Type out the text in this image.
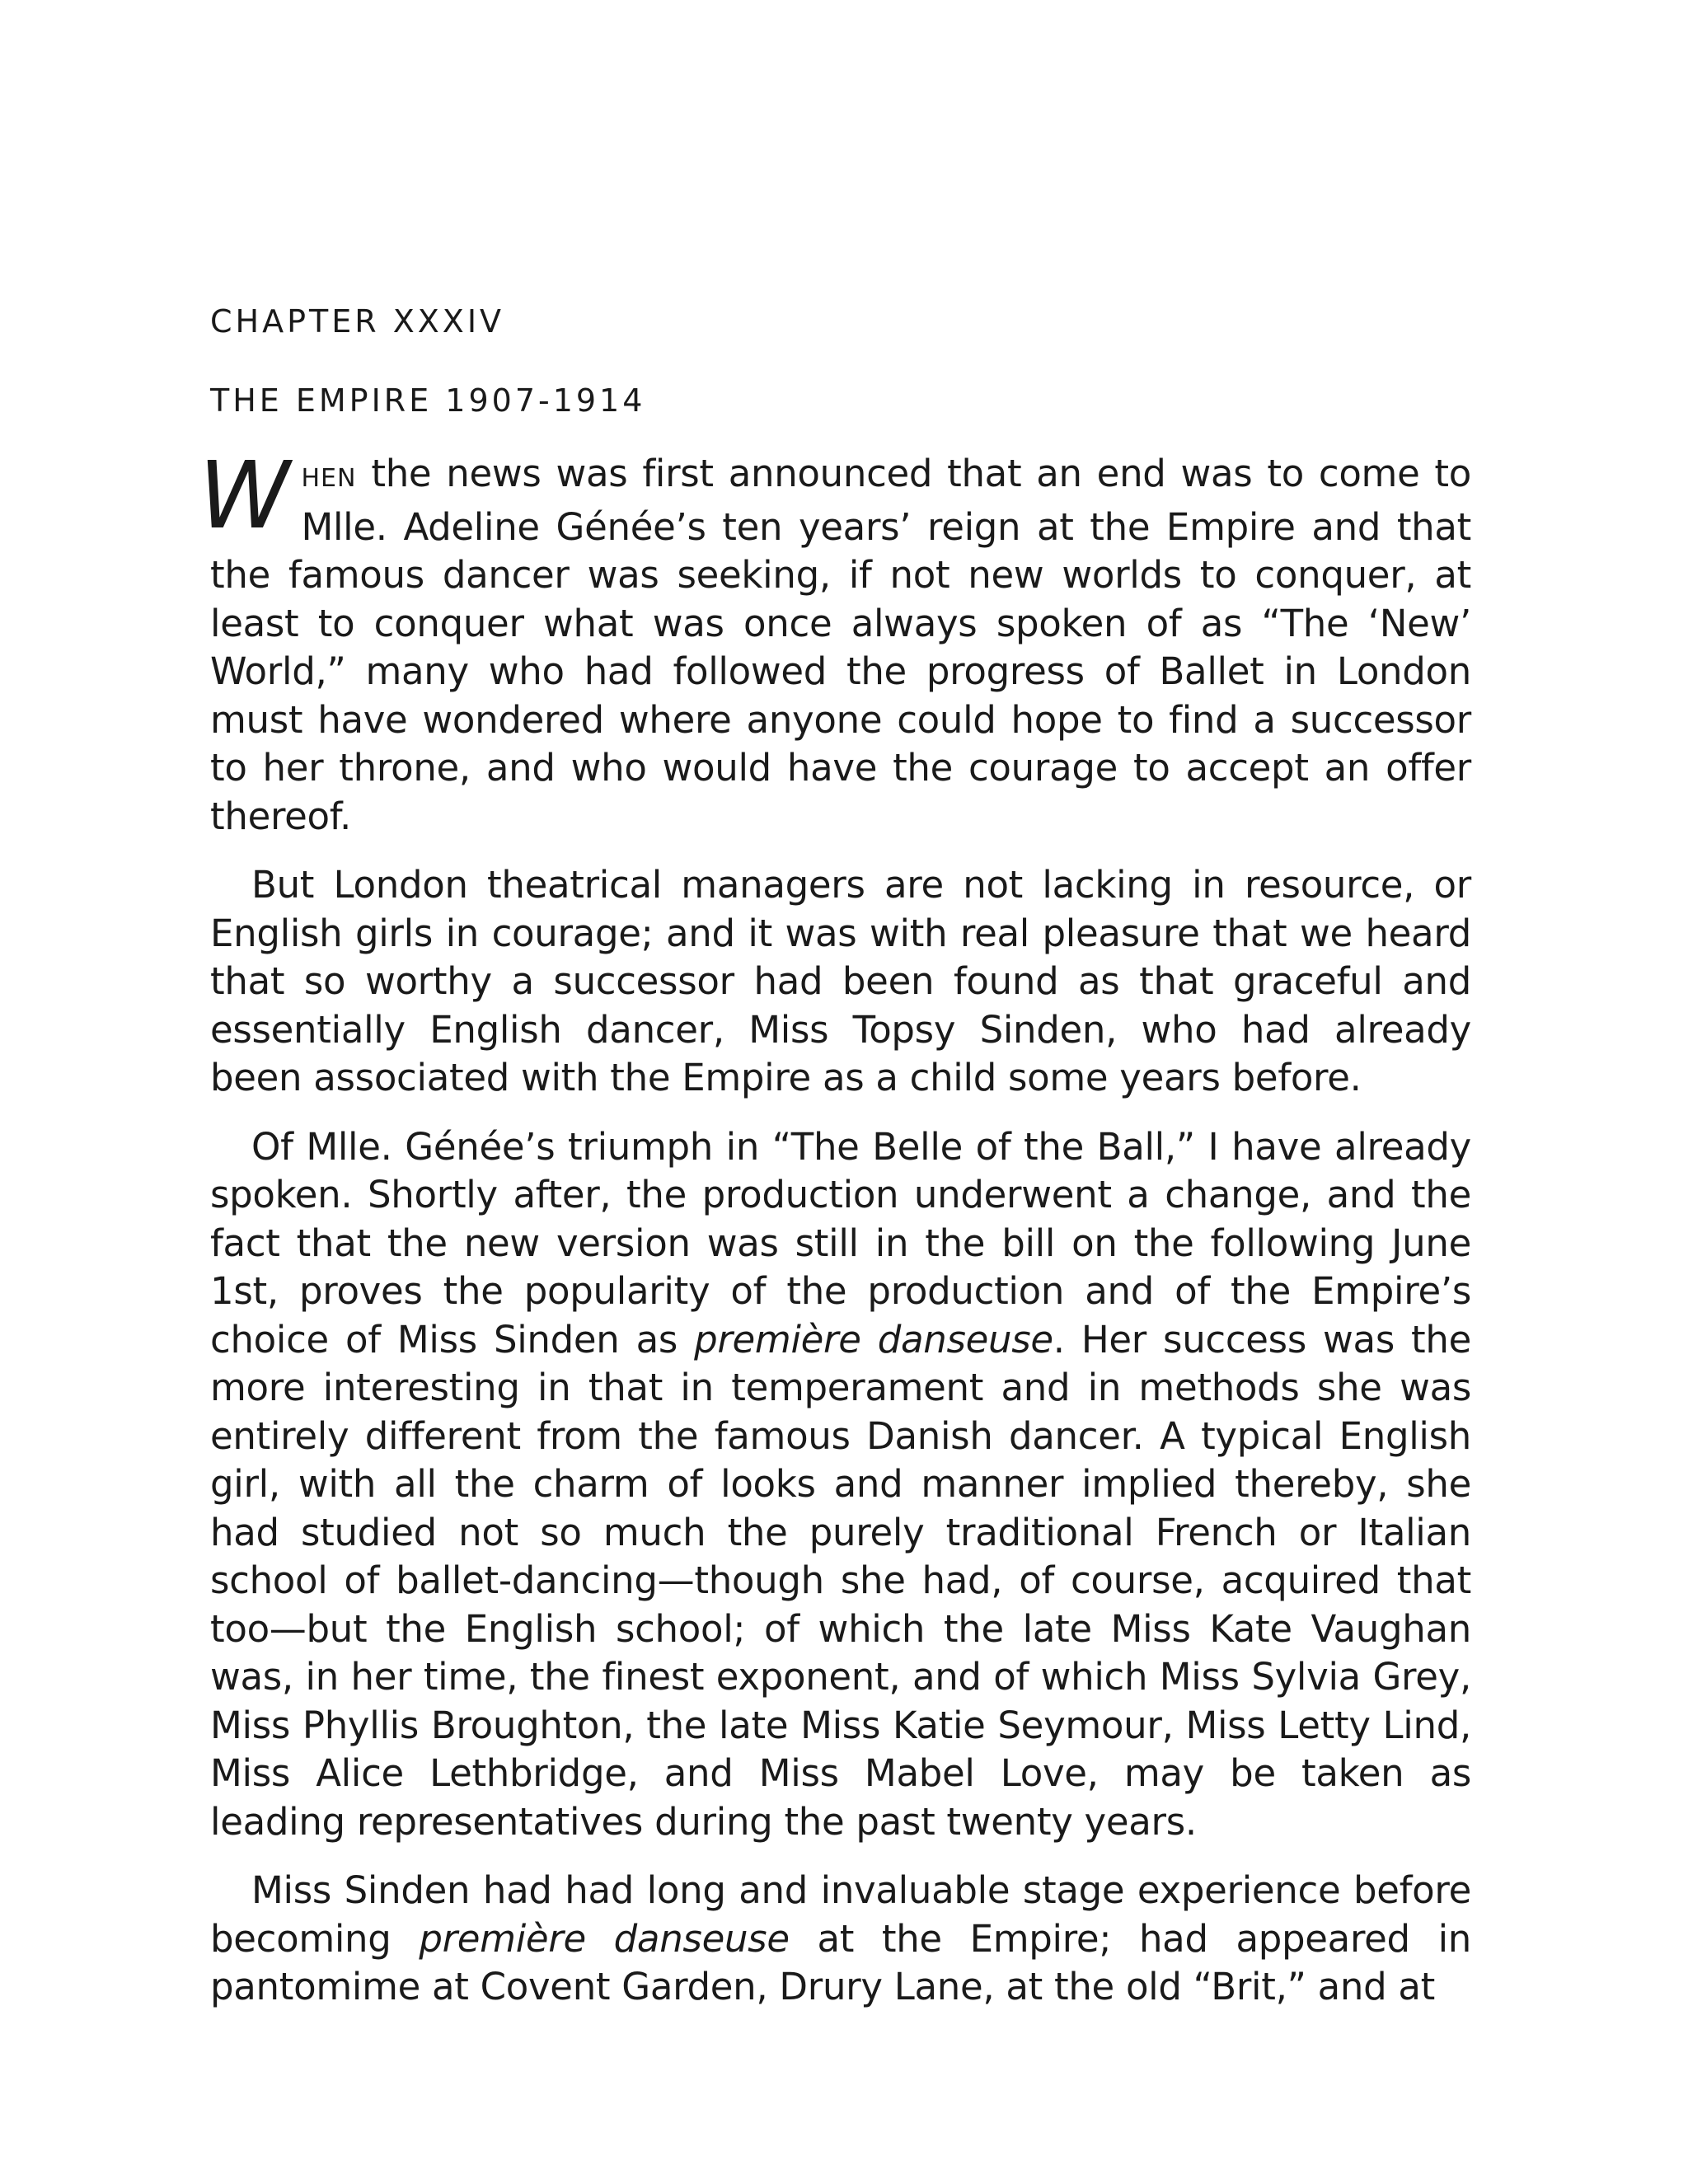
CHAPTER XXXIV
THE EMPIRE 1907-1914

WHEN the news was first announced that an end was to come to Mlle. Adeline Génée’s ten years’ reign at the Empire and that the famous dancer was seeking, if not new worlds to conquer, at least to conquer what was once always spoken of as “The ‘New’ World,” many who had followed the progress of Ballet in London must have wondered where anyone could hope to find a successor to her throne, and who would have the courage to accept an offer thereof.

But London theatrical managers are not lacking in resource, or English girls in courage; and it was with real pleasure that we heard that so worthy a successor had been found as that graceful and essentially English dancer, Miss Topsy Sinden, who had already been associated with the Empire as a child some years before.

Of Mlle. Génée’s triumph in “The Belle of the Ball,” I have already spoken. Shortly after, the production underwent a change, and the fact that the new version was still in the bill on the following June 1st, proves the popularity of the production and of the Empire’s choice of Miss Sinden as première danseuse. Her success was the more interesting in that in temperament and in methods she was entirely different from the famous Danish dancer. A typical English girl, with all the charm of looks and manner implied thereby, she had studied not so much the purely traditional French or Italian school of ballet-dancing—though she had, of course, acquired that too—but the English school; of which the late Miss Kate Vaughan was, in her time, the finest exponent, and of which Miss Sylvia Grey, Miss Phyllis Broughton, the late Miss Katie Seymour, Miss Letty Lind, Miss Alice Lethbridge, and Miss Mabel Love, may be taken as leading representatives during the past twenty years.

Miss Sinden had had long and invaluable stage experience before becoming première danseuse at the Empire; had appeared in pantomime at Covent Garden, Drury Lane, at the old “Brit,” and at
